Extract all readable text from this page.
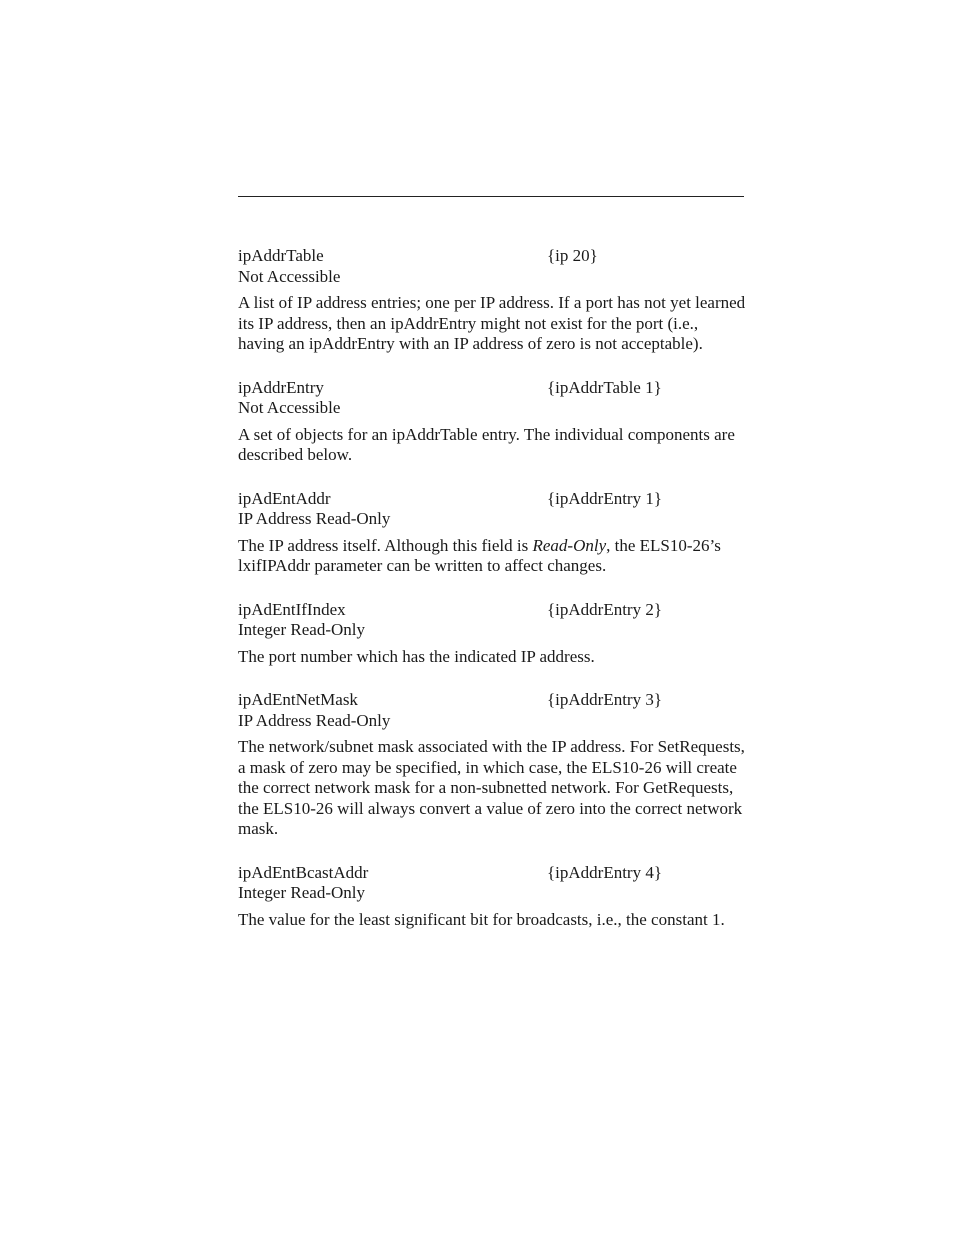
ipAddrTable	{ip 20}
Not Accessible
A list of IP address entries; one per IP address. If a port has not yet learned its IP address, then an ipAddrEntry might not exist for the port (i.e., having an ipAddrEntry with an IP address of zero is not acceptable).
ipAddrEntry	{ipAddrTable 1}
Not Accessible
A set of objects for an ipAddrTable entry. The individual components are described below.
ipAdEntAddr	{ipAddrEntry 1}
IP Address Read-Only
The IP address itself. Although this field is Read-Only, the ELS10-26’s lxifIPAddr parameter can be written to affect changes.
ipAdEntIfIndex	{ipAddrEntry 2}
Integer Read-Only
The port number which has the indicated IP address.
ipAdEntNetMask	{ipAddrEntry 3}
IP Address Read-Only
The network/subnet mask associated with the IP address. For SetRequests, a mask of zero may be specified, in which case, the ELS10-26 will create the correct network mask for a non-subnetted network. For GetRequests, the ELS10-26 will always convert a value of zero into the correct network mask.
ipAdEntBcastAddr	{ipAddrEntry 4}
Integer Read-Only
The value for the least significant bit for broadcasts, i.e., the constant 1.
